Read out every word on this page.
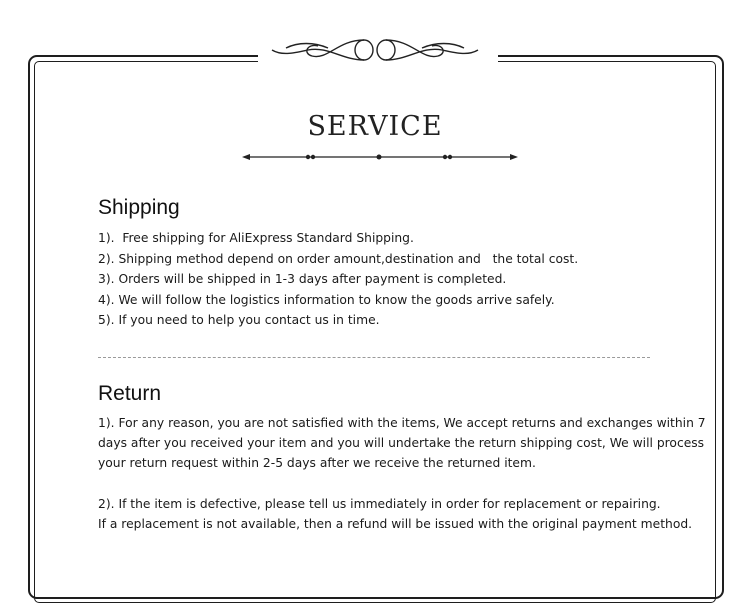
SERVICE
Shipping
1).  Free shipping for AliExpress Standard Shipping.
2). Shipping method depend on order amount,destination and   the total cost.
3). Orders will be shipped in 1-3 days after payment is completed.
4). We will follow the logistics information to know the goods arrive safely.
5). If you need to help you contact us in time.
Return

1). For any reason, you are not satisfied with the items, We accept returns and exchanges within 7
days after you received your item and you will undertake the return shipping cost, We will process
your return request within 2-5 days after we receive the returned item.

2). If the item is defective, please tell us immediately in order for replacement or repairing.
If a replacement is not available, then a refund will be issued with the original payment method.
